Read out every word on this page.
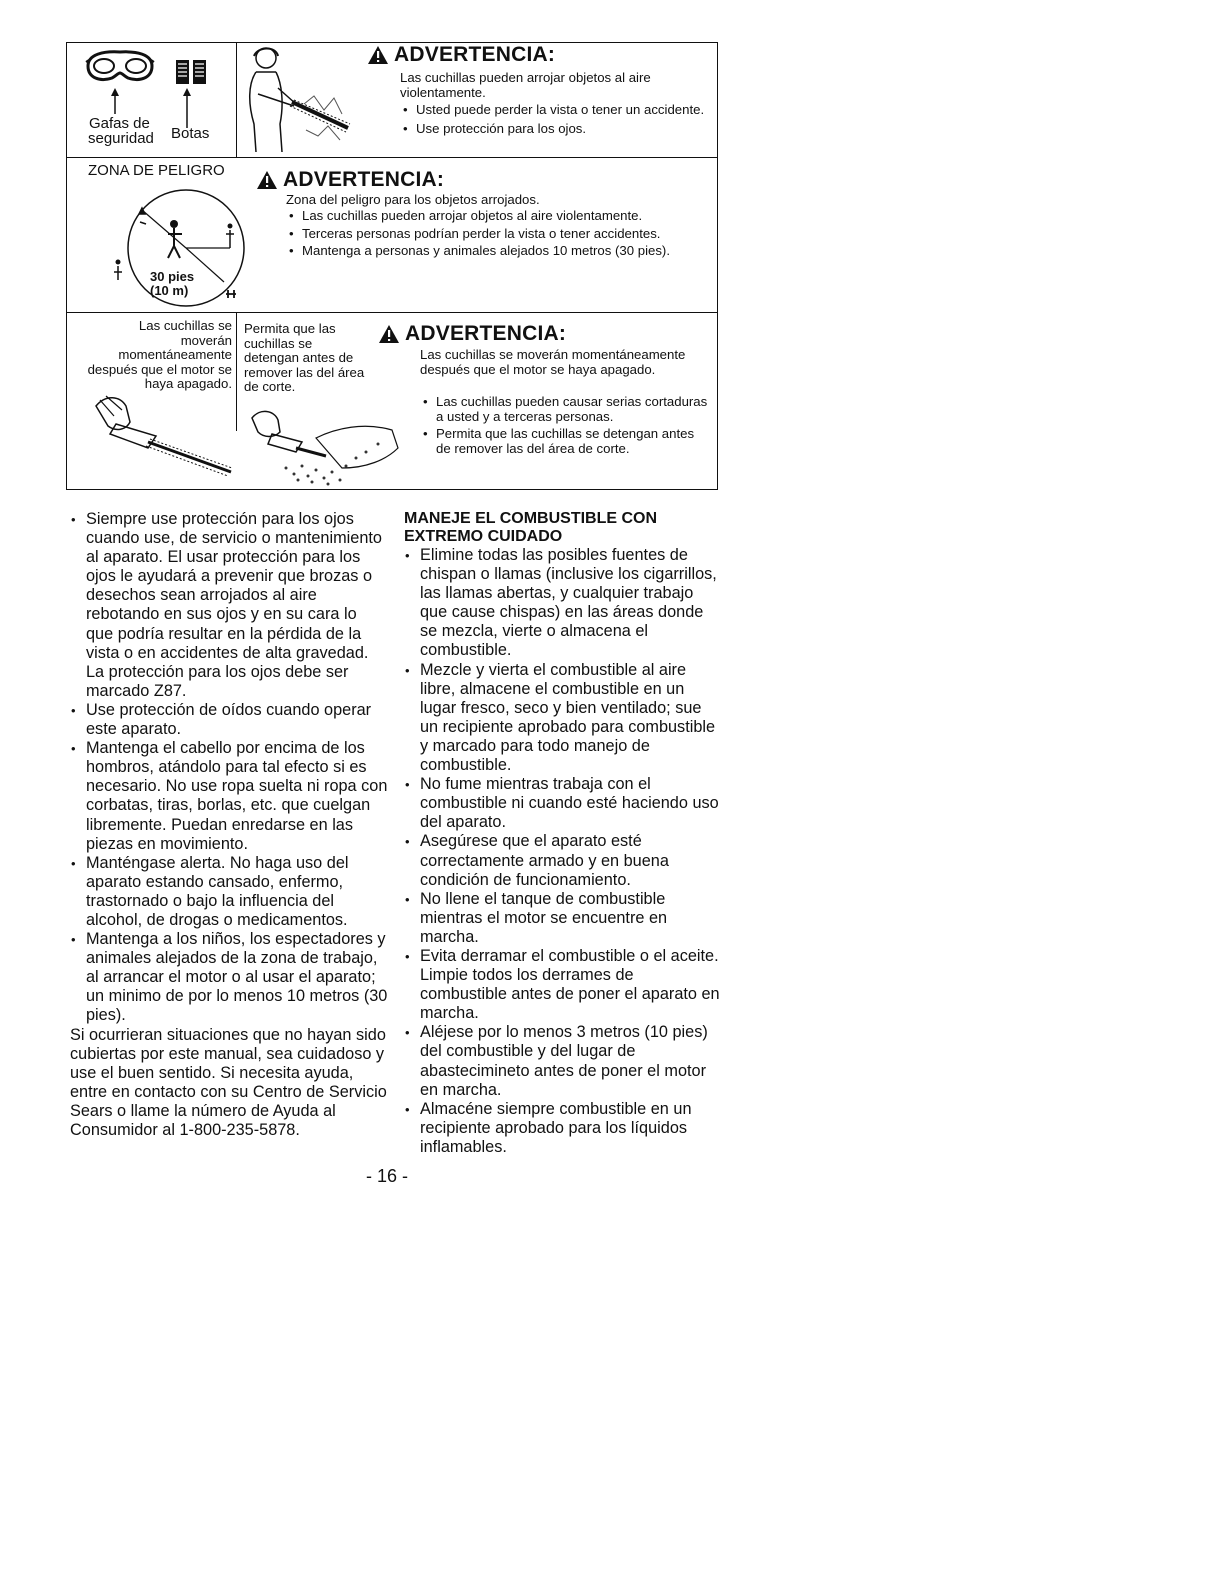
Gafas de
seguridad Botas
ADVERTENCIA:
Las cuchillas pueden arrojar objetos al aire violentamente.
• Usted puede perder la vista o tener un accidente.
• Use protección para los ojos.
ZONA DE PELIGRO
30 pies
(10 m)
ADVERTENCIA:
Zona del peligro para los objetos arrojados.
• Las cuchillas pueden arrojar objetos al aire violentamente.
• Terceras personas podrían perder la vista o tener accidentes.
• Mantenga a personas y animales alejados 10 metros (30 pies).
Las cuchillas se moverán momentáneamente después que el motor se haya apagado.
Permita que las cuchillas se detengan antes de remover las del área de corte.
ADVERTENCIA:
Las cuchillas se moverán momentáneamente después que el motor se haya apagado.
• Las cuchillas pueden causar serias cortaduras a usted y a terceras personas.
• Permita que las cuchillas se detengan antes de remover las del área de corte.
• Siempre use protección para los ojos cuando use, de servicio o mantenimiento al aparato. El usar protección para los ojos le ayudará a prevenir que brozas o desechos sean arrojados al aire rebotando en sus ojos y en su cara lo que podría resultar en la pérdida de la vista o en accidentes de alta gravedad. La protección para los ojos debe ser marcado Z87.
• Use protección de oídos cuando operar este aparato.
• Mantenga el cabello por encima de los hombros, atándolo para tal efecto si es necesario. No use ropa suelta ni ropa con corbatas, tiras, borlas, etc. que cuelgan libremente. Puedan enredarse en las piezas en movimiento.
• Manténgase alerta. No haga uso del aparato estando cansado, enfermo, trastornado o bajo la influencia del alcohol, de drogas o medicamentos.
• Mantenga a los niños, los espectadores y animales alejados de la zona de trabajo, al arrancar el motor o al usar el aparato; un minimo de por lo menos 10 metros (30 pies).
Si ocurrieran situaciones que no hayan sido cubiertas por este manual, sea cuidadoso y use el buen sentido. Si necesita ayuda, entre en contacto con su Centro de Servicio Sears o llame la número de Ayuda al Consumidor al 1-800-235-5878.
MANEJE EL COMBUSTIBLE CON EXTREMO CUIDADO
• Elimine todas las posibles fuentes de chispan o llamas (inclusive los cigarrillos, las llamas abertas, y cualquier trabajo que cause chispas) en las áreas donde se mezcla, vierte o almacena el combustible.
• Mezcle y vierta el combustible al aire libre, almacene el combustible en un lugar fresco, seco y bien ventilado; sue un recipiente aprobado para combustible y marcado para todo manejo de combustible.
• No fume mientras trabaja con el combustible ni cuando esté haciendo uso del aparato.
• Asegúrese que el aparato esté correctamente armado y en buena condición de funcionamiento.
• No llene el tanque de combustible mientras el motor se encuentre en marcha.
• Evita derramar el combustible o el aceite. Limpie todos los derrames de combustible antes de poner el aparato en marcha.
• Aléjese por lo menos 3 metros (10 pies) del combustible y del lugar de abastecimineto antes de poner el motor en marcha.
• Almacéne siempre combustible en un recipiente aprobado para los líquidos inflamables.
- 16 -
